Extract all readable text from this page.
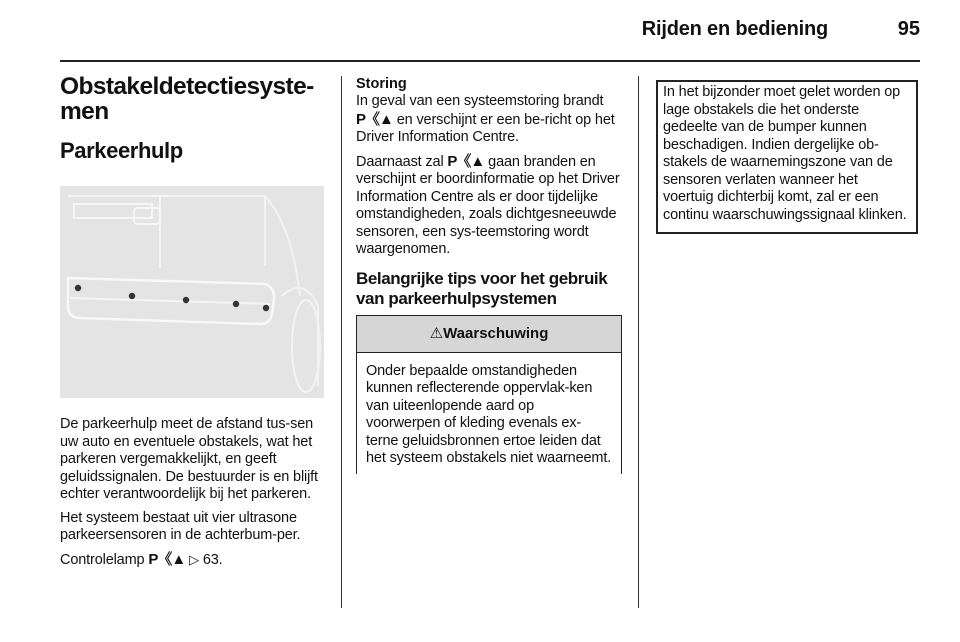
Rijden en bediening	95
Obstakeldetectiesyste-men
Parkeerhulp

De parkeerhulp meet de afstand tus-sen uw auto en eventuele obstakels, wat het parkeren vergemakkelijkt, en geeft geluidssignalen. De bestuurder is en blijft echter verantwoordelijk bij het parkeren.

Het systeem bestaat uit vier ultrasone parkeersensoren in de achterbum-per.

Controlelamp P《▲ ▷ 63.

Storing

In geval van een systeemstoring brandt P《▲ en verschijnt er een be-richt op het Driver Information Centre.

Daarnaast zal P《▲ gaan branden en verschijnt er boordinformatie op het Driver Information Centre als er door tijdelijke omstandigheden, zoals dichtgesneeuwde sensoren, een sys-teemstoring wordt waargenomen.

Belangrijke tips voor het gebruik van parkeerhulpsystemen
⚠Waarschuwing

Onder bepaalde omstandigheden kunnen reflecterende oppervlak-ken van uiteenlopende aard op voorwerpen of kleding evenals ex-terne geluidsbronnen ertoe leiden dat het systeem obstakels niet waarneemt.

In het bijzonder moet gelet worden op lage obstakels die het onderste gedeelte van de bumper kunnen beschadigen. Indien dergelijke ob-stakels de waarnemingszone van de sensoren verlaten wanneer het voertuig dichterbij komt, zal er een continu waarschuwingssignaal klinken.
